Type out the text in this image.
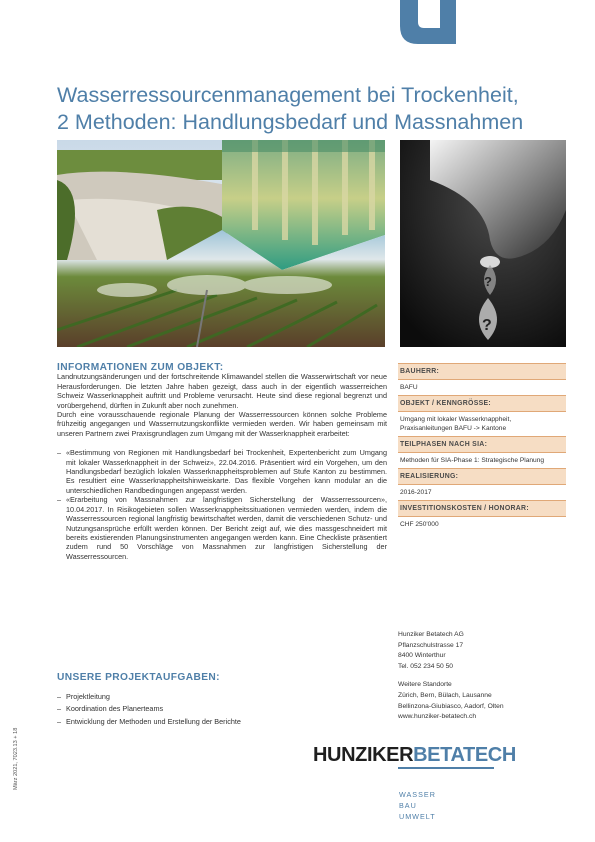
Wasserressourcenmanagement bei Trockenheit,
2 Methoden: Handlungsbedarf und Massnahmen
?
?
INFORMATIONEN ZUM OBJEKT:

Landnutzungsänderungen und der fortschreitende Klimawandel stellen die Wasserwirtschaft vor neue Herausforderungen. Die letzten Jahre haben gezeigt, dass auch in der eigentlich wasserreichen Schweiz Wasserknappheit auftritt und Probleme verursacht. Heute sind diese regional begrenzt und vorübergehend, dürften in Zukunft aber noch zunehmen.

Durch eine vorausschauende regionale Planung der Wasserressourcen können solche Probleme frühzeitig angegangen und Wassernutzungskonflikte vermieden werden. Wir haben gemeinsam mit unseren Partnern zwei Praxisgrundlagen zum Umgang mit der Wasserknappheit erarbeitet:

– «Bestimmung von Regionen mit Handlungsbedarf bei Trockenheit, Expertenbericht zum Umgang mit lokaler Wasserknappheit in der Schweiz», 22.04.2016. Präsentiert wird ein Vorgehen, um den Handlungsbedarf bezüglich lokalen Wasserknappheitsproblemen auf Stufe Kanton zu bestimmen. Es resultiert eine Wasserknappheitshinweiskarte. Das flexible Vorgehen kann modular an die unterschiedlichen Randbedingungen angepasst werden.
– «Erarbeitung von Massnahmen zur langfristigen Sicherstellung der Wasserressourcen», 10.04.2017. In Risikogebieten sollen Wasserknappheitssituationen vermieden werden, indem die Wasserressourcen regional langfristig bewirtschaftet werden, damit die verschiedenen Schutz- und Nutzungsansprüche erfüllt werden können. Der Bericht zeigt auf, wie dies massgeschneidert mit bereits existierenden Planungsinstrumenten angegangen werden kann. Eine Checkliste präsentiert zudem rund 50 Vorschläge von Massnahmen zur langfristigen Sicherstellung der Wasserressourcen.
UNSERE PROJEKTAUFGABEN:
– Projektleitung
– Koordination des Planerteams
– Entwicklung der Methoden und Erstellung der Berichte
BAUHERR:
BAFU
OBJEKT / KENNGRÖSSE:
Umgang mit lokaler Wasserknappheit, Praxisanleitungen BAFU -> Kantone
TEILPHASEN NACH SIA:
Methoden für SIA-Phase 1: Strategische Planung
REALISIERUNG:
2016-2017
INVESTITIONSKOSTEN / HONORAR:
CHF 250'000
Hunziker Betatech AG
Pflanzschulstrasse 17
8400 Winterthur
Tel. 052 234 50 50
Weitere Standorte
Zürich, Bern, Bülach, Lausanne
Bellinzona-Giubiasco, Aadorf, Olten
www.hunziker-betatech.ch
HUNZIKERBETATECH
WASSER
BAU
UMWELT
März 2021, 7023.13 + 18
